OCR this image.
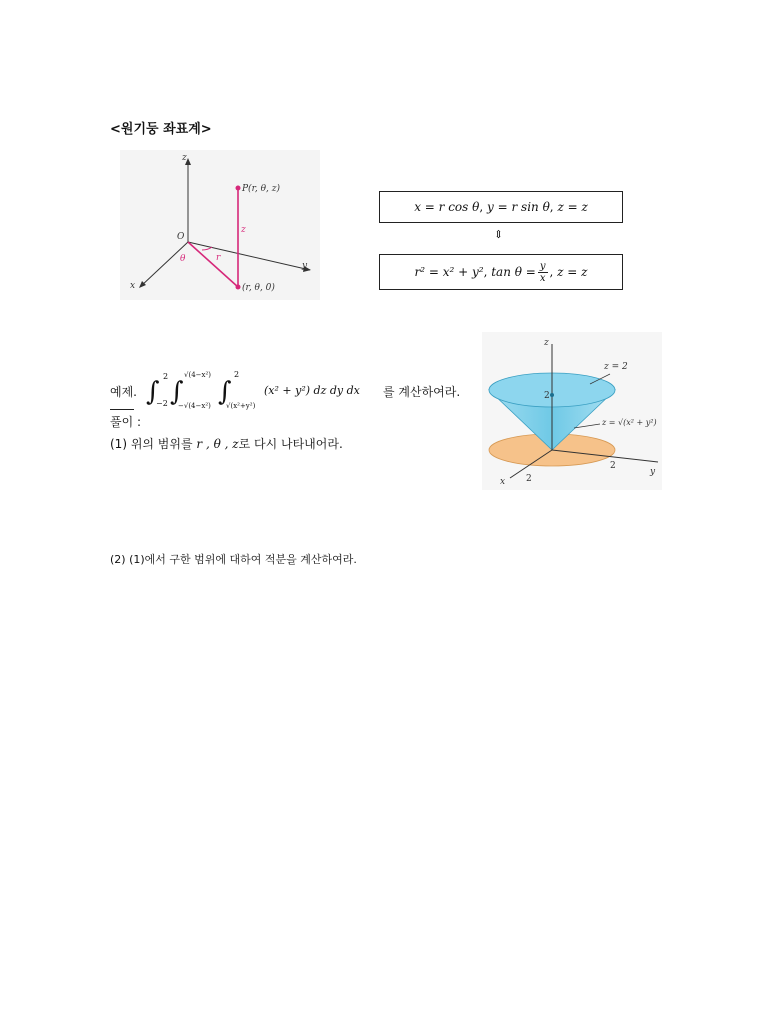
<원기둥 좌표계>
z
y
x
O
P(r, θ, z)
(r, θ, 0)
r
θ
z
x = r cos θ ,
y = r sin θ ,
z = z
⇕
r² = x² + y² ,
$\tan \theta = \frac{y}{x}$ ,
z = z
예제. ∫
−2
2
∫
−√(4−x²)
√(4−x²)
∫
√(x²+y²)
2
(x² + y²) dz dy dx 를 계산하여라.
풀이 :
(1) 위의 범위를 r , θ , z로 다시 나타내어라.
(2) (1)에서 구한 범위에 대하여 적분을 계산하여라.
z
y
x
z = 2
z = √(x² + y²)
2
2
2
